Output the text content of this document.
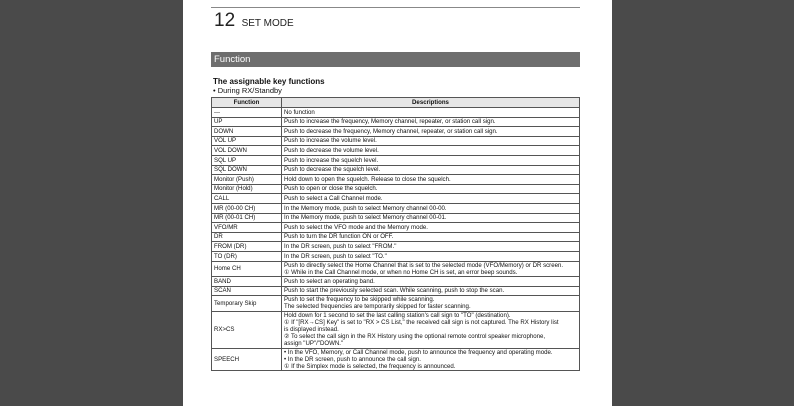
12 SET MODE
Function
The assignable key functions
• During RX/Standby
Function	Descriptions
---	No function

UP	Push to increase the frequency, Memory channel, repeater, or station call sign.

DOWN	Push to decrease the frequency, Memory channel, repeater, or station call sign.

VOL UP	Push to increase the volume level.

VOL DOWN	Push to decrease the volume level.

SQL UP	Push to increase the squelch level.

SQL DOWN	Push to decrease the squelch level.

Monitor (Push)	Hold down to open the squelch. Release to close the squelch.

Monitor (Hold)	Push to open or close the squelch.

CALL	Push to select a Call Channel mode.

MR (00-00 CH)	In the Memory mode, push to select Memory channel 00-00.

MR (00-01 CH)	In the Memory mode, push to select Memory channel 00-01.

VFO/MR	Push to select the VFO mode and the Memory mode.

DR	Push to turn the DR function ON or OFF.

FROM (DR)	In the DR screen, push to select "FROM."

TO (DR)	In the DR screen, push to select "TO."

Home CH	Push to directly select the Home Channel that is set to the selected mode (VFO/Memory) or DR screen.
① While in the Call Channel mode, or when no Home CH is set, an error beep sounds.

BAND	Push to select an operating band.

SCAN	Push to start the previously selected scan. While scanning, push to stop the scan.

Temporary Skip	Push to set the frequency to be skipped while scanning.
The selected frequencies are temporarily skipped for faster scanning.

RX>CS	Hold down for 1 second to set the last calling station's call sign to "TO" (destination).
① If "[RX→CS] Key" is set to "RX > CS List," the received call sign is not captured. The RX History list
is displayed instead.
② To select the call sign in the RX History using the optional remote control speaker microphone,
assign "UP"/"DOWN."

SPEECH	• In the VFO, Memory, or Call Channel mode, push to announce the frequency and operating mode.
• In the DR screen, push to announce the call sign.
① If the Simplex mode is selected, the frequency is announced.
